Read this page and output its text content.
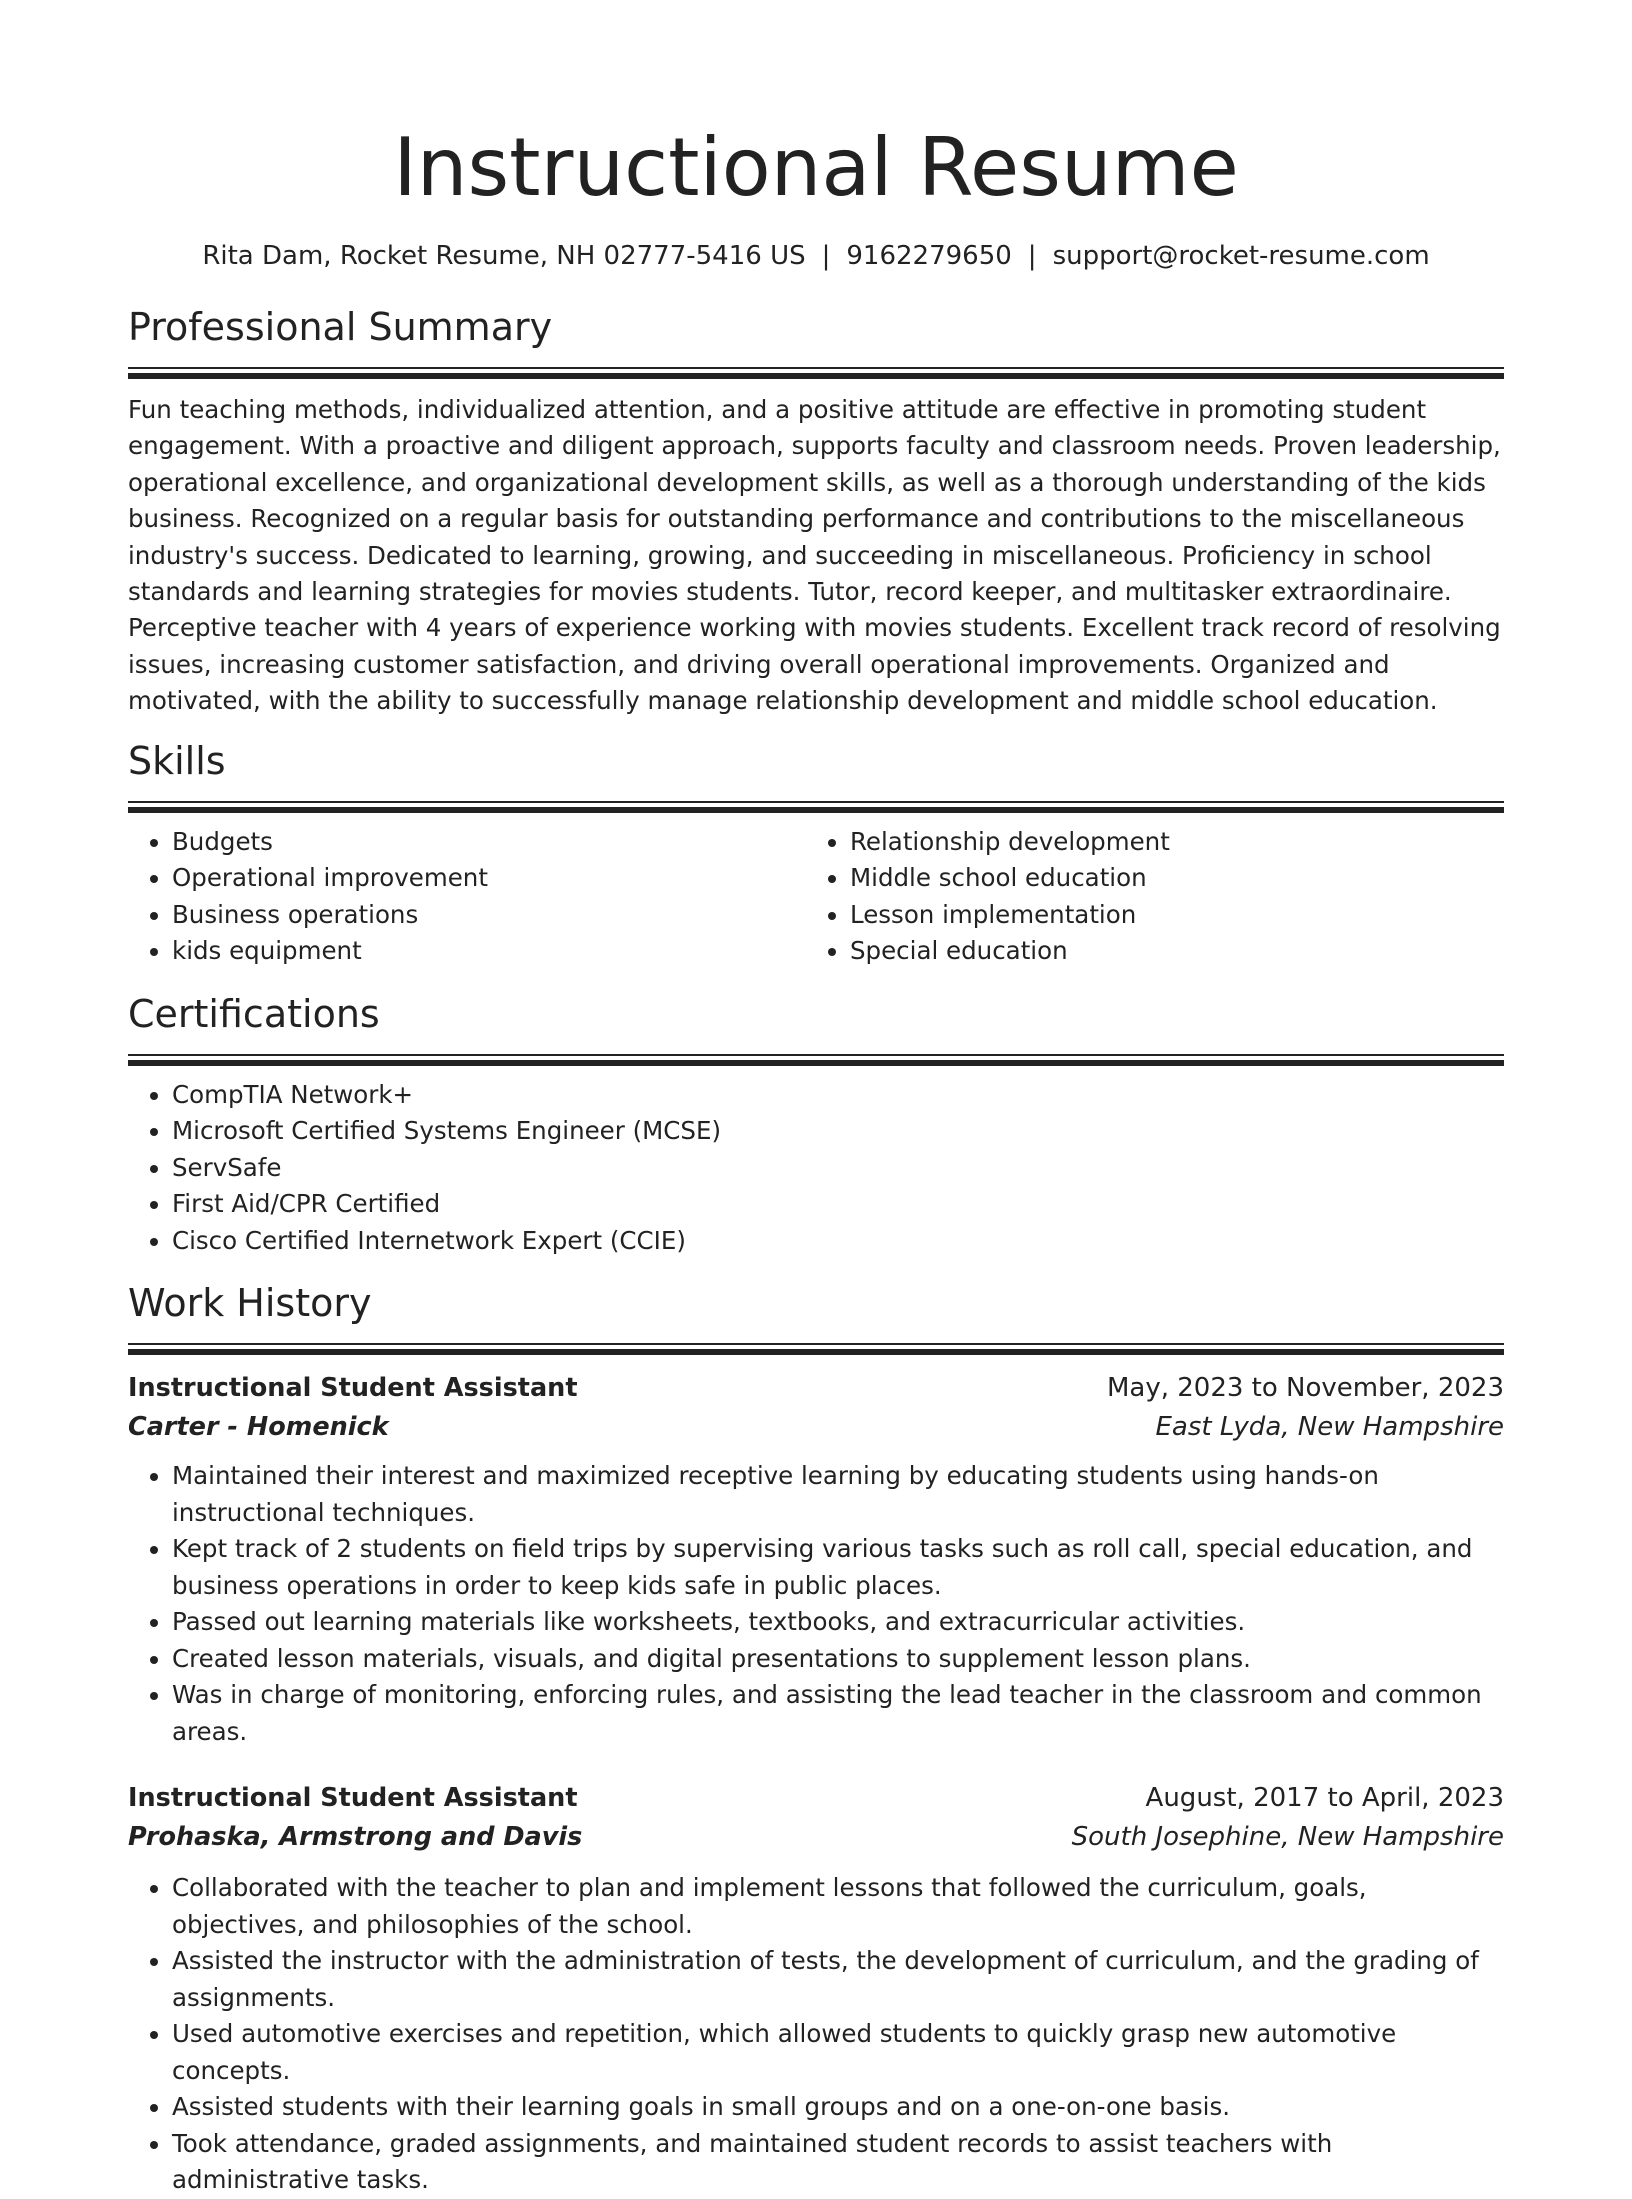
Instructional Resume
Rita Dam, Rocket Resume, NH 02777-5416 US | 9162279650 | support@rocket-resume.com
Professional Summary
Fun teaching methods, individualized attention, and a positive attitude are effective in promoting student engagement. With a proactive and diligent approach, supports faculty and classroom needs. Proven leadership, operational excellence, and organizational development skills, as well as a thorough understanding of the kids business. Recognized on a regular basis for outstanding performance and contributions to the miscellaneous industry's success. Dedicated to learning, growing, and succeeding in miscellaneous. Proficiency in school standards and learning strategies for movies students. Tutor, record keeper, and multitasker extraordinaire. Perceptive teacher with 4 years of experience working with movies students. Excellent track record of resolving issues, increasing customer satisfaction, and driving overall operational improvements. Organized and motivated, with the ability to successfully manage relationship development and middle school education.
Skills
• Budgets
• Operational improvement
• Business operations
• kids equipment
• Relationship development
• Middle school education
• Lesson implementation
• Special education
Certifications
• CompTIA Network+
• Microsoft Certified Systems Engineer (MCSE)
• ServSafe
• First Aid/CPR Certified
• Cisco Certified Internetwork Expert (CCIE)
Work History
Instructional Student Assistant	May, 2023 to November, 2023
Carter - Homenick	East Lyda, New Hampshire
• Maintained their interest and maximized receptive learning by educating students using hands-on instructional techniques.
• Kept track of 2 students on field trips by supervising various tasks such as roll call, special education, and business operations in order to keep kids safe in public places.
• Passed out learning materials like worksheets, textbooks, and extracurricular activities.
• Created lesson materials, visuals, and digital presentations to supplement lesson plans.
• Was in charge of monitoring, enforcing rules, and assisting the lead teacher in the classroom and common areas.
Instructional Student Assistant	August, 2017 to April, 2023
Prohaska, Armstrong and Davis	South Josephine, New Hampshire
• Collaborated with the teacher to plan and implement lessons that followed the curriculum, goals, objectives, and philosophies of the school.
• Assisted the instructor with the administration of tests, the development of curriculum, and the grading of assignments.
• Used automotive exercises and repetition, which allowed students to quickly grasp new automotive concepts.
• Assisted students with their learning goals in small groups and on a one-on-one basis.
• Took attendance, graded assignments, and maintained student records to assist teachers with administrative tasks.
